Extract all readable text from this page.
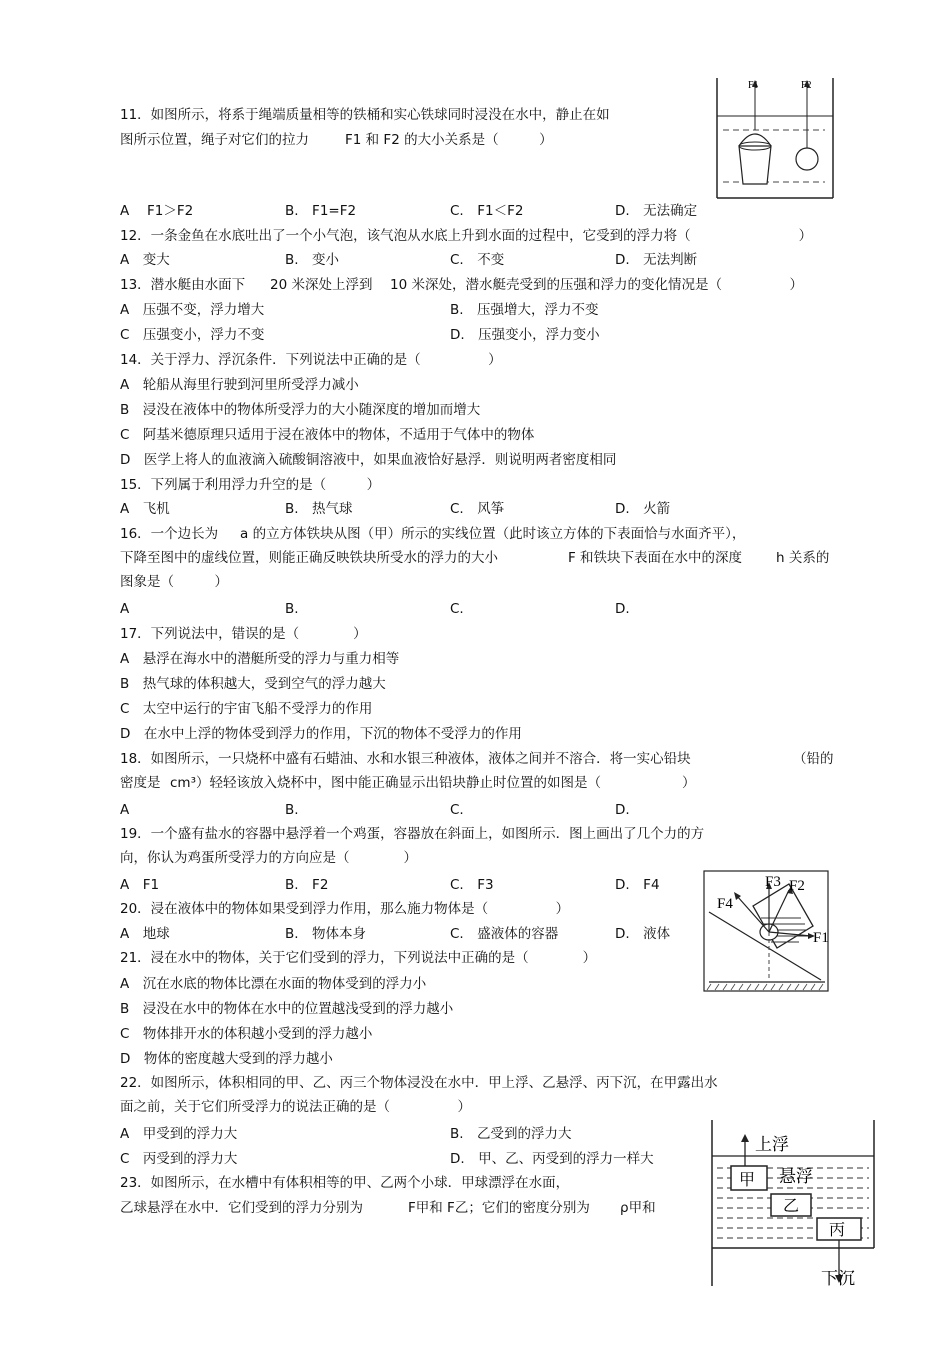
11．如图所示，将系于绳端质量相等的铁桶和实心铁球同时浸没在水中，静止在如
图所示位置，绳子对它们的拉力	F1 和 F2 的大小关系是（　　　）
F1	F2
A　 F1＞F2	B.　F1=F2	C.　F1＜F2	D.　无法确定
12．一条金鱼在水底吐出了一个小气泡，该气泡从水底上升到水面的过程中，它受到的浮力将（　　　　　　　　）
A　变大	B.　变小	C.　不变	D.　无法判断
13．潜水艇由水面下 20 米深处上浮到 10 米深处，潜水艇壳受到的压强和浮力的变化情况是（　　　　　）
A　压强不变，浮力增大	B.　压强增大，浮力不变
C　压强变小，浮力不变	D.　压强变小，浮力变小
14．关于浮力、浮沉条件．下列说法中正确的是（　　　　　）
A　轮船从海里行驶到河里所受浮力减小
B　浸没在液体中的物体所受浮力的大小随深度的增加而增大
C　阿基米德原理只适用于浸在液体中的物体，不适用于气体中的物体
D　医学上将人的血液滴入硫酸铜溶液中，如果血液恰好悬浮．则说明两者密度相同
15．下列属于利用浮力升空的是（　　　）
A　飞机	B.　热气球	C.　风筝	D.　火箭
16．一个边长为 a 的立方体铁块从图（甲）所示的实线位置（此时该立方体的下表面恰与水面齐平），
下降至图中的虚线位置，则能正确反映铁块所受水的浮力的大小	F 和铁块下表面在水中的深度	h 关系的
图象是（　　　）
A	B.	C.	D.
17．下列说法中，错误的是（　　　　）
A　悬浮在海水中的潜艇所受的浮力与重力相等
B　热气球的体积越大，受到空气的浮力越大
C　太空中运行的宇宙飞船不受浮力的作用
D　在水中上浮的物体受到浮力的作用，下沉的物体不受浮力的作用
18．如图所示，一只烧杯中盛有石蜡油、水和水银三种液体，液体之间并不溶合．将一实心铅块	（铅的
密度是 cm³）轻轻该放入烧杯中，图中能正确显示出铅块静止时位置的如图是（　　　　　　）
A	B.	C.	D.
19．一个盛有盐水的容器中悬浮着一个鸡蛋，容器放在斜面上，如图所示．图上画出了几个力的方
向，你认为鸡蛋所受浮力的方向应是（　　　　）
A　F1	B.　F2	C.　F3	D.　F4
F4
F3 F2
F1
20．浸在液体中的物体如果受到浮力作用，那么施力物体是（　　　　　）
A　地球	B.　物体本身	C.　盛液体的容器	D.　液体
21．浸在水中的物体，关于它们受到的浮力，下列说法中正确的是（　　　　）
A　沉在水底的物体比漂在水面的物体受到的浮力小
B　浸没在水中的物体在水中的位置越浅受到的浮力越小
C　物体排开水的体积越小受到的浮力越小
D　物体的密度越大受到的浮力越小
22．如图所示，体积相同的甲、乙、丙三个物体浸没在水中．甲上浮、乙悬浮、丙下沉，在甲露出水
面之前，关于它们所受浮力的说法正确的是（　　　　　）
A　甲受到的浮力大	B.　乙受到的浮力大
C　丙受到的浮力大	D.　甲、乙、丙受到的浮力一样大
上浮
悬浮
甲
乙
丙
下沉
23．如图所示，在水槽中有体积相等的甲、乙两个小球．甲球漂浮在水面，
乙球悬浮在水中．它们受到的浮力分别为	F甲和 F乙；它们的密度分别为 ρ甲和
